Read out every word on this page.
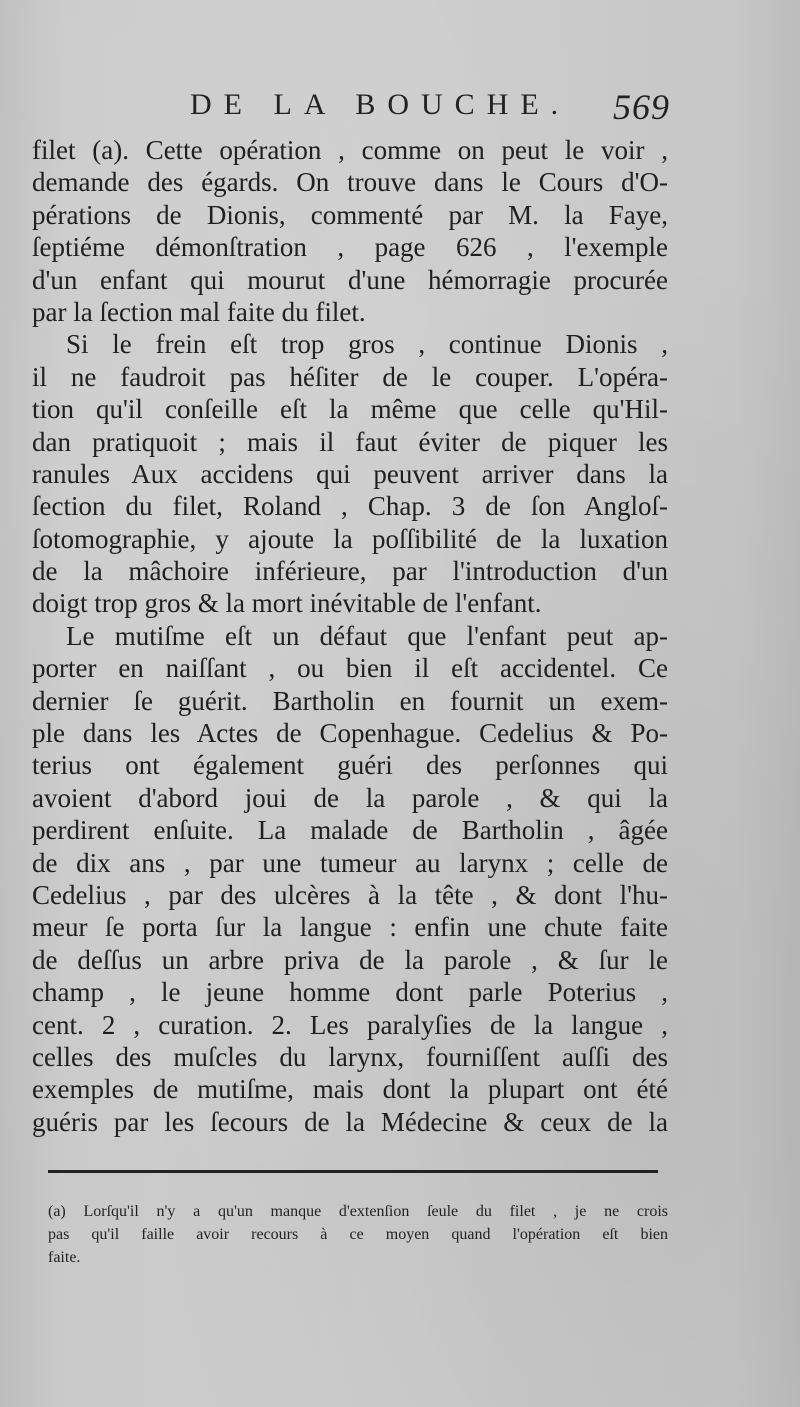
DE LA BOUCHE. 569
filet (a). Cette opération , comme on peut le voir ,
demande des égards. On trouve dans le Cours d'O-
pérations de Dionis, commenté par M. la Faye,
ſeptiéme démonſtration , page 626 , l'exemple
d'un enfant qui mourut d'une hémorragie procurée
par la ſection mal faite du filet.
Si le frein eſt trop gros , continue Dionis ,
il ne faudroit pas héſiter de le couper. L'opéra-
tion qu'il conſeille eſt la même que celle qu'Hil-
dan pratiquoit ; mais il faut éviter de piquer les
ranules Aux accidens qui peuvent arriver dans la
ſection du filet, Roland , Chap. 3 de ſon Angloſ-
ſotomographie, y ajoute la poſſibilité de la luxation
de la mâchoire inférieure, par l'introduction d'un
doigt trop gros & la mort inévitable de l'enfant.
Le mutiſme eſt un défaut que l'enfant peut ap-
porter en naiſſant , ou bien il eſt accidentel. Ce
dernier ſe guérit. Bartholin en fournit un exem-
ple dans les Actes de Copenhague. Cedelius & Po-
terius ont également guéri des perſonnes qui
avoient d'abord joui de la parole , & qui la
perdirent enſuite. La malade de Bartholin , âgée
de dix ans , par une tumeur au larynx ; celle de
Cedelius , par des ulcères à la tête , & dont l'hu-
meur ſe porta ſur la langue : enfin une chute faite
de deſſus un arbre priva de la parole , & ſur le
champ , le jeune homme dont parle Poterius ,
cent. 2 , curation. 2. Les paralyſies de la langue ,
celles des muſcles du larynx, fourniſſent auſſi des
exemples de mutiſme, mais dont la plupart ont été
guéris par les ſecours de la Médecine & ceux de la
(a) Lorſqu'il n'y a qu'un manque d'extenſion ſeule du filet , je ne crois
pas qu'il faille avoir recours à ce moyen quand l'opération eſt bien
faite.
